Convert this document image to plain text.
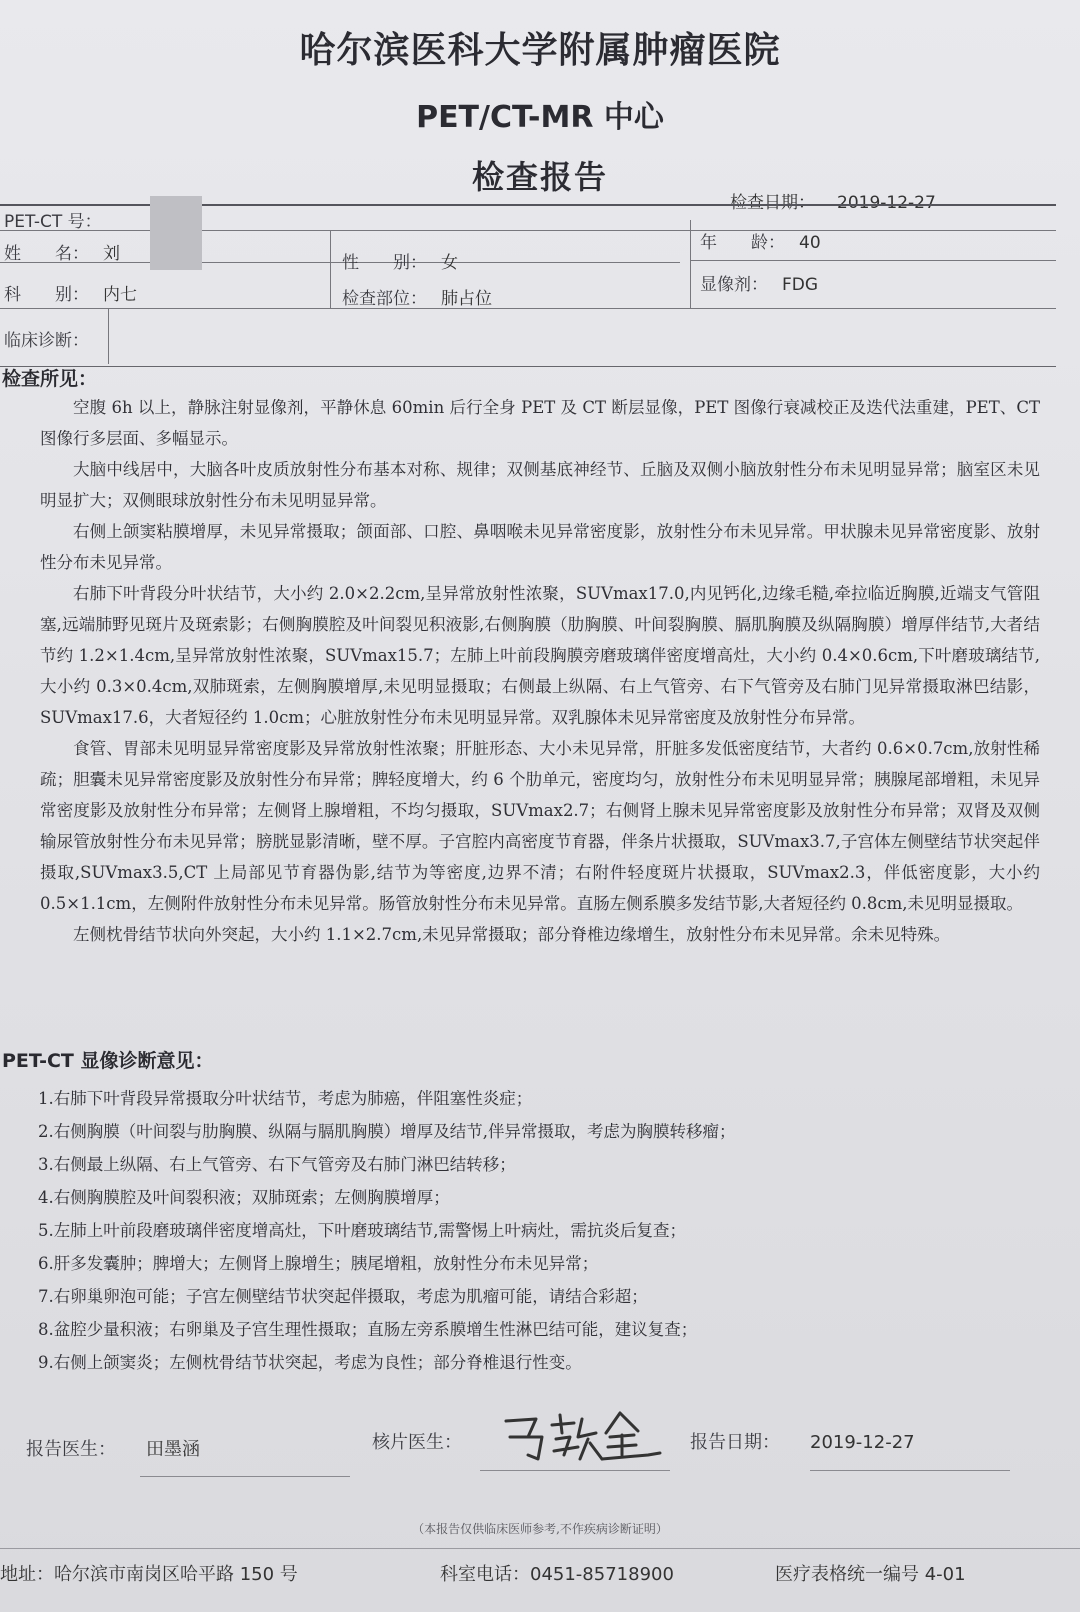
哈尔滨医科大学附属肿瘤医院
PET/CT-MR 中心
检查报告
检查日期： 2019-12-27
PET-CT 号：
姓　　名： 刘	性　　别： 女
年　　龄： 40
科　　别： 内七	检查部位： 肺占位
显像剂： FDG
临床诊断：
检查所见：

空腹 6h 以上，静脉注射显像剂，平静休息 60min 后行全身 PET 及 CT 断层显像，PET 图像行衰减校正及迭代法重建，PET、CT 图像行多层面、多幅显示。

大脑中线居中，大脑各叶皮质放射性分布基本对称、规律；双侧基底神经节、丘脑及双侧小脑放射性分布未见明显异常；脑室区未见明显扩大；双侧眼球放射性分布未见明显异常。

右侧上颌窦粘膜增厚，未见异常摄取；颌面部、口腔、鼻咽喉未见异常密度影，放射性分布未见异常。甲状腺未见异常密度影、放射性分布未见异常。

右肺下叶背段分叶状结节，大小约 2.0×2.2cm,呈异常放射性浓聚，SUVmax17.0,内见钙化,边缘毛糙,牵拉临近胸膜,近端支气管阻塞,远端肺野见斑片及斑索影；右侧胸膜腔及叶间裂见积液影,右侧胸膜（肋胸膜、叶间裂胸膜、膈肌胸膜及纵隔胸膜）增厚伴结节,大者结节约 1.2×1.4cm,呈异常放射性浓聚，SUVmax15.7；左肺上叶前段胸膜旁磨玻璃伴密度增高灶，大小约 0.4×0.6cm,下叶磨玻璃结节,大小约 0.3×0.4cm,双肺斑索，左侧胸膜增厚,未见明显摄取；右侧最上纵隔、右上气管旁、右下气管旁及右肺门见异常摄取淋巴结影，SUVmax17.6，大者短径约 1.0cm；心脏放射性分布未见明显异常。双乳腺体未见异常密度及放射性分布异常。

食管、胃部未见明显异常密度影及异常放射性浓聚；肝脏形态、大小未见异常，肝脏多发低密度结节，大者约 0.6×0.7cm,放射性稀疏；胆囊未见异常密度影及放射性分布异常；脾轻度增大，约 6 个肋单元，密度均匀，放射性分布未见明显异常；胰腺尾部增粗，未见异常密度影及放射性分布异常；左侧肾上腺增粗，不均匀摄取，SUVmax2.7；右侧肾上腺未见异常密度影及放射性分布异常；双肾及双侧输尿管放射性分布未见异常；膀胱显影清晰，壁不厚。子宫腔内高密度节育器，伴条片状摄取，SUVmax3.7,子宫体左侧壁结节状突起伴摄取,SUVmax3.5,CT 上局部见节育器伪影,结节为等密度,边界不清；右附件轻度斑片状摄取，SUVmax2.3，伴低密度影，大小约 0.5×1.1cm，左侧附件放射性分布未见异常。肠管放射性分布未见异常。直肠左侧系膜多发结节影,大者短径约 0.8cm,未见明显摄取。

左侧枕骨结节状向外突起，大小约 1.1×2.7cm,未见异常摄取；部分脊椎边缘增生，放射性分布未见异常。余未见特殊。

PET-CT 显像诊断意见：
1.右肺下叶背段异常摄取分叶状结节，考虑为肺癌，伴阻塞性炎症；
2.右侧胸膜（叶间裂与肋胸膜、纵隔与膈肌胸膜）增厚及结节,伴异常摄取，考虑为胸膜转移瘤；
3.右侧最上纵隔、右上气管旁、右下气管旁及右肺门淋巴结转移；
4.右侧胸膜腔及叶间裂积液；双肺斑索；左侧胸膜增厚；
5.左肺上叶前段磨玻璃伴密度增高灶，下叶磨玻璃结节,需警惕上叶病灶，需抗炎后复查；
6.肝多发囊肿；脾增大；左侧肾上腺增生；胰尾增粗，放射性分布未见异常；
7.右卵巢卵泡可能；子宫左侧壁结节状突起伴摄取，考虑为肌瘤可能，请结合彩超；
8.盆腔少量积液；右卵巢及子宫生理性摄取；直肠左旁系膜增生性淋巴结可能，建议复查；
9.右侧上颌窦炎；左侧枕骨结节状突起，考虑为良性；部分脊椎退行性变。
报告医生： 田墨涵	核片医生：	报告日期： 2019-12-27
（本报告仅供临床医师参考,不作疾病诊断证明）
地址：哈尔滨市南岗区哈平路 150 号	科室电话：0451-85718900	医疗表格统一编号 4-01
